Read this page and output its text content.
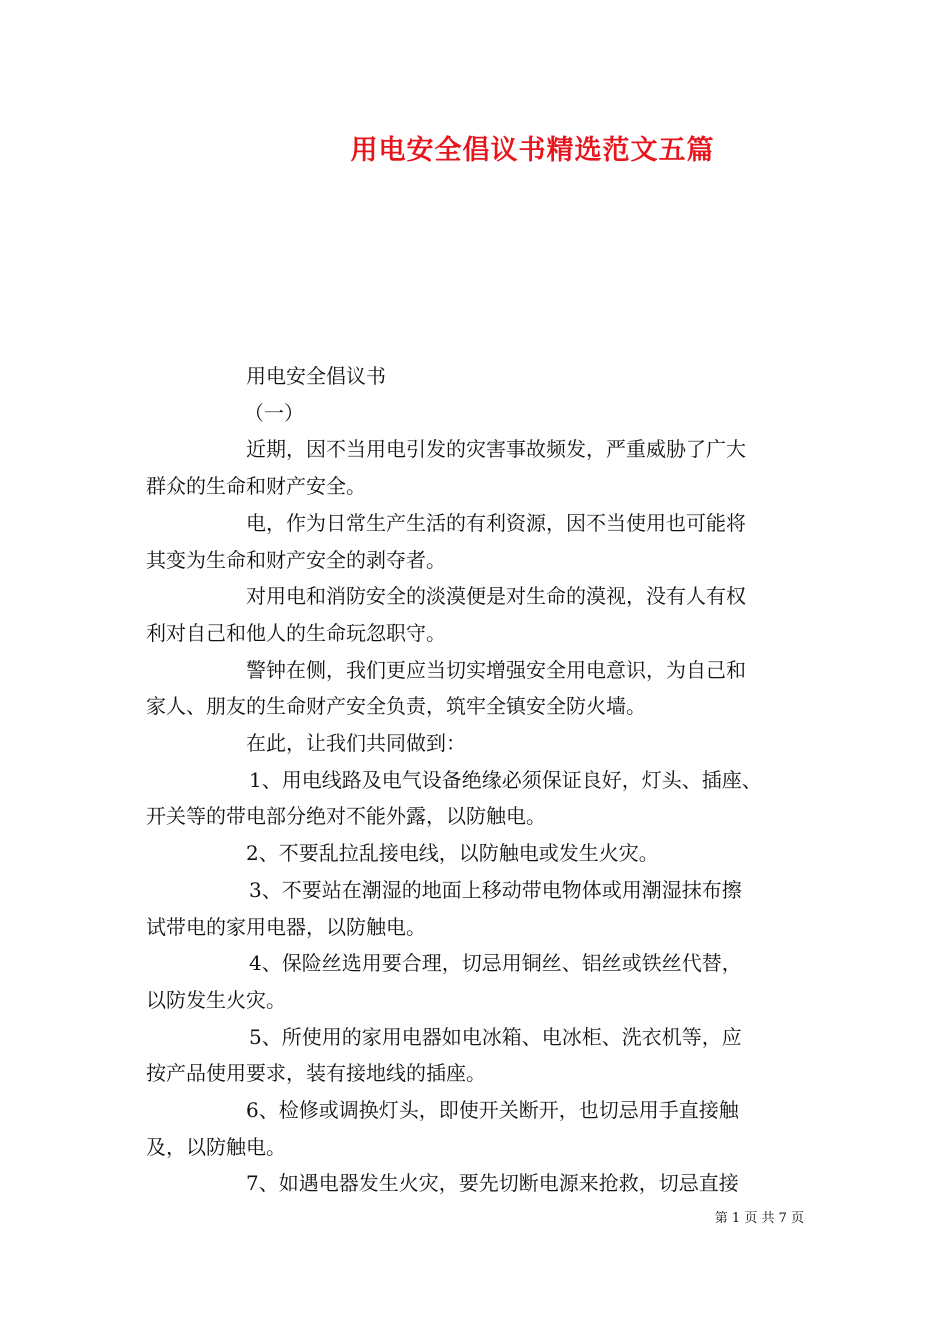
用电安全倡议书精选范文五篇
用电安全倡议书
（一）
近期，因不当用电引发的灾害事故频发，严重威胁了广大
群众的生命和财产安全。
电，作为日常生产生活的有利资源，因不当使用也可能将
其变为生命和财产安全的剥夺者。
对用电和消防安全的淡漠便是对生命的漠视，没有人有权
利对自己和他人的生命玩忽职守。
警钟在侧，我们更应当切实增强安全用电意识，为自己和
家人、朋友的生命财产安全负责，筑牢全镇安全防火墙。
在此，让我们共同做到：
1、用电线路及电气设备绝缘必须保证良好，灯头、插座、
开关等的带电部分绝对不能外露，以防触电。
2、不要乱拉乱接电线，以防触电或发生火灾。
3、不要站在潮湿的地面上移动带电物体或用潮湿抹布擦
试带电的家用电器，以防触电。
4、保险丝选用要合理，切忌用铜丝、铝丝或铁丝代替，
以防发生火灾。
5、所使用的家用电器如电冰箱、电冰柜、洗衣机等，应
按产品使用要求，装有接地线的插座。
6、检修或调换灯头，即使开关断开，也切忌用手直接触
及，以防触电。
7、如遇电器发生火灾，要先切断电源来抢救，切忌直接
第 1 页 共 7 页
